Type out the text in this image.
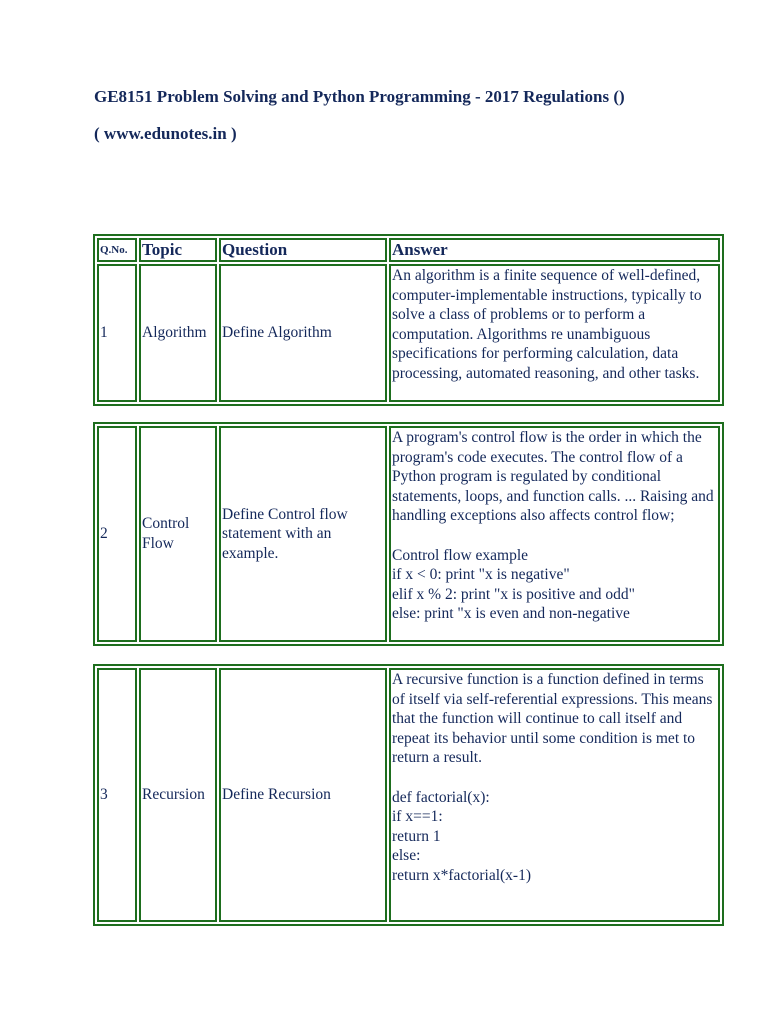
GE8151 Problem Solving and Python Programming - 2017 Regulations ()
( www.edunotes.in )
Q.No.	Topic	Question	Answer
1	Algorithm	Define Algorithm	An algorithm is a finite sequence of well-defined, computer-implementable instructions, typically to solve a class of problems or to perform a computation. Algorithms re unambiguous specifications for performing calculation, data processing, automated reasoning, and other tasks.
2	Control Flow	Define Control flow statement with an example.	A program's control flow is the order in which the program's code executes. The control flow of a Python program is regulated by conditional statements, loops, and function calls. ... Raising and handling exceptions also affects control flow;

Control flow example
if x < 0: print "x is negative"
elif x % 2: print "x is positive and odd"
else: print "x is even and non-negative
3	Recursion	Define Recursion	A recursive function is a function defined in terms of itself via self-referential expressions. This means that the function will continue to call itself and repeat its behavior until some condition is met to return a result.

def factorial(x):
if x==1:
return 1
else:
return x*factorial(x-1)
